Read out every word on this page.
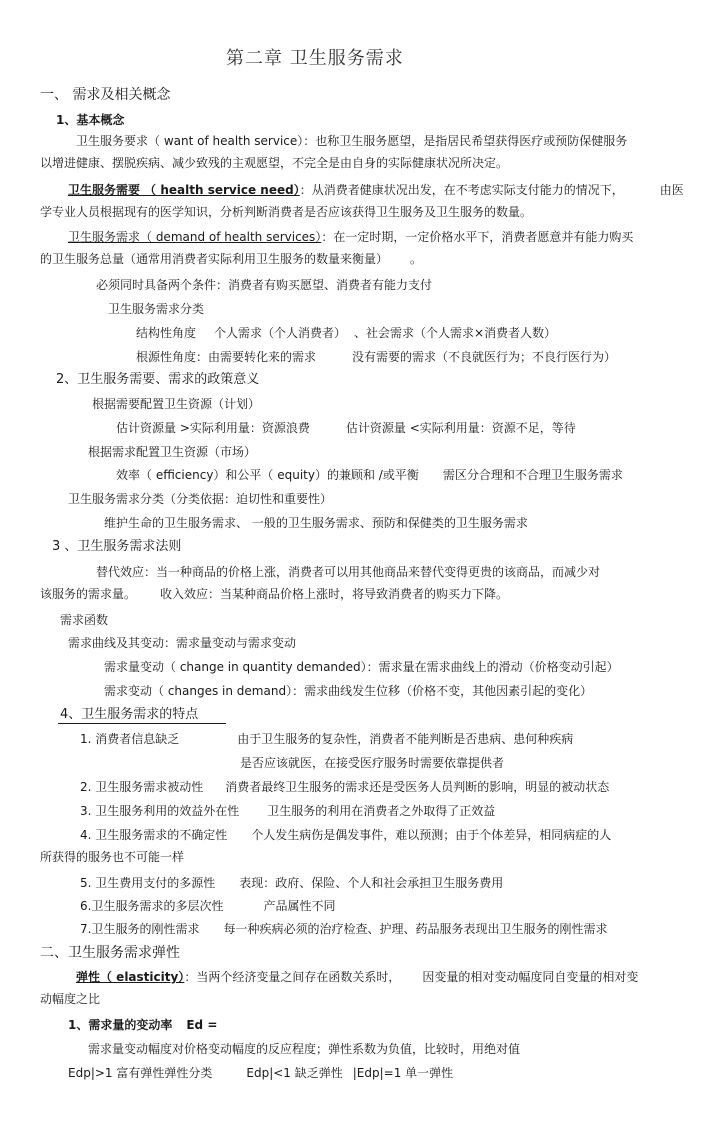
第二章 卫生服务需求
一、 需求及相关概念
1、基本概念
卫生服务要求（ want of health service）：也称卫生服务愿望，是指居民希望获得医疗或预防保健服务
以增进健康、摆脱疾病、减少致残的主观愿望，不完全是由自身的实际健康状况所决定。
卫生服务需要 （ health service need）：从消费者健康状况出发，在不考虑实际支付能力的情况下，	由医
学专业人员根据现有的医学知识，分析判断消费者是否应该获得卫生服务及卫生服务的数量。
卫生服务需求（ demand of health services）：在一定时期，一定价格水平下，消费者愿意并有能力购买
的卫生服务总量（通常用消费者实际利用卫生服务的数量来衡量） 。
必须同时具备两个条件：消费者有购买愿望、消费者有能力支付
卫生服务需求分类
结构性角度 个人需求（个人消费者） 、社会需求（个人需求×消费者人数）
根源性角度：由需要转化来的需求	没有需要的需求（不良就医行为；不良行医行为）
2、卫生服务需要、需求的政策意义
根据需要配置卫生资源（计划）
估计资源量 >实际利用量：资源浪费	估计资源量 <实际利用量：资源不足，等待
根据需求配置卫生资源（市场）
效率（ efficiency）和公平（ equity）的兼顾和 /或平衡 需区分合理和不合理卫生服务需求
卫生服务需求分类（分类依据：迫切性和重要性）
维护生命的卫生服务需求、 一般的卫生服务需求、预防和保健类的卫生服务需求
3 、卫生服务需求法则
替代效应：当一种商品的价格上涨，消费者可以用其他商品来替代变得更贵的该商品，而减少对
该服务的需求量。 收入效应：当某种商品价格上涨时，将导致消费者的购买力下降。
需求函数
需求曲线及其变动：需求量变动与需求变动
需求量变动（ change in quantity demanded）：需求量在需求曲线上的滑动（价格变动引起）
需求变动（ changes in demand）：需求曲线发生位移（价格不变，其他因素引起的变化）
4、卫生服务需求的特点
1. 消费者信息缺乏	由于卫生服务的复杂性，消费者不能判断是否患病、患何种疾病
是否应该就医，在接受医疗服务时需要依靠提供者
2. 卫生服务需求被动性 消费者最终卫生服务的需求还是受医务人员判断的影响，明显的被动状态
3. 卫生服务利用的效益外在性 卫生服务的利用在消费者之外取得了正效益
4. 卫生服务需求的不确定性 个人发生病伤是偶发事件，难以预测；由于个体差异，相同病症的人
所获得的服务也不可能一样
5. 卫生费用支付的多源性 表现：政府、保险、个人和社会承担卫生服务费用
6.卫生服务需求的多层次性	产品属性不同
7.卫生服务的刚性需求 每一种疾病必须的治疗检查、护理、药品服务表现出卫生服务的刚性需求
二、卫生服务需求弹性
弹性（ elasticity）：当两个经济变量之间存在函数关系时， 因变量的相对变动幅度同自变量的相对变
动幅度之比
1、需求量的变动率 Ed =
需求量变动幅度对价格变动幅度的反应程度；弹性系数为负值，比较时，用绝对值
Edp|>1 富有弹性弹性分类	Edp|<1 缺乏弹性 |Edp|=1 单一弹性
